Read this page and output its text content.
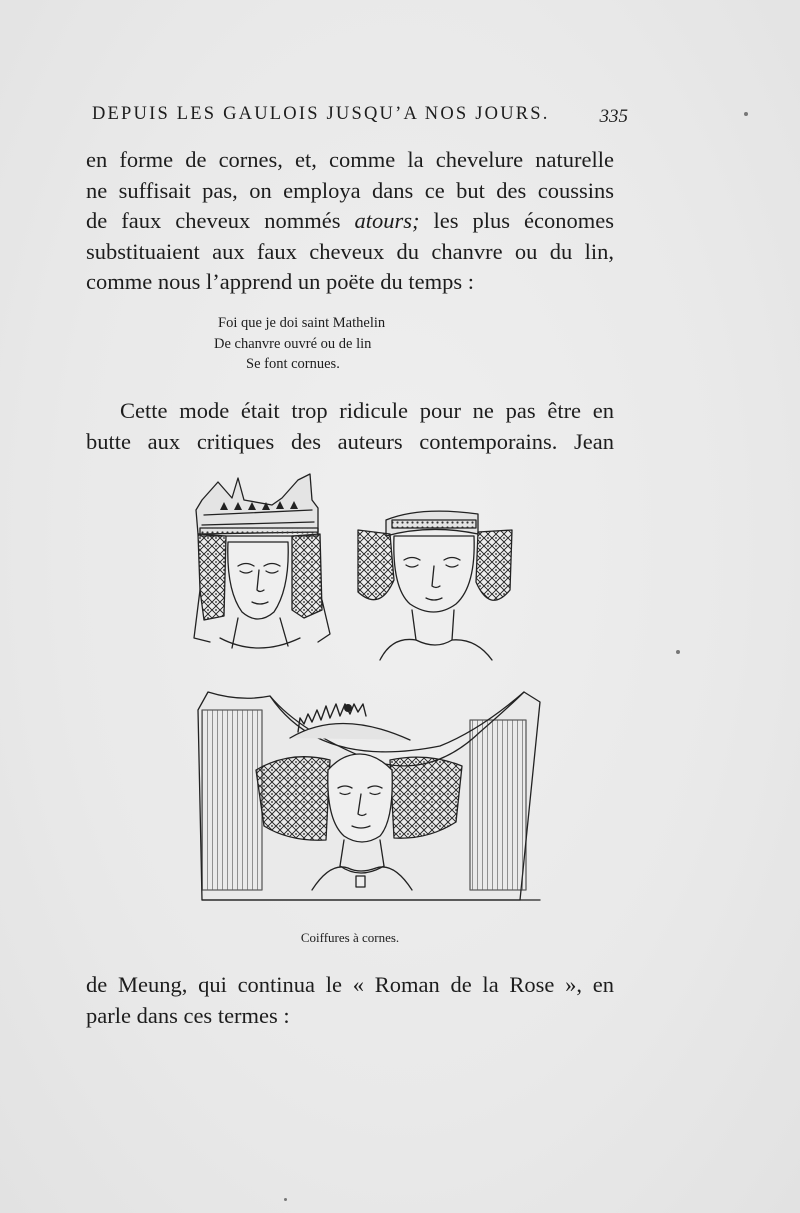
DEPUIS LES GAULOIS JUSQU’A NOS JOURS.	335
en forme de cornes, et, comme la chevelure naturelle
ne suffisait pas, on employa dans ce but des coussins
de faux cheveux nommés atours; les plus économes
substituaient aux faux cheveux du chanvre ou du lin,
comme nous l’apprend un poëte du temps :
Foi que je doi saint Mathelin
De chanvre ouvré ou de lin
Se font cornues.
Cette mode était trop ridicule pour ne pas être en
butte aux critiques des auteurs contemporains. Jean
Coiffures à cornes.
de Meung, qui continua le « Roman de la Rose », en
parle dans ces termes :
